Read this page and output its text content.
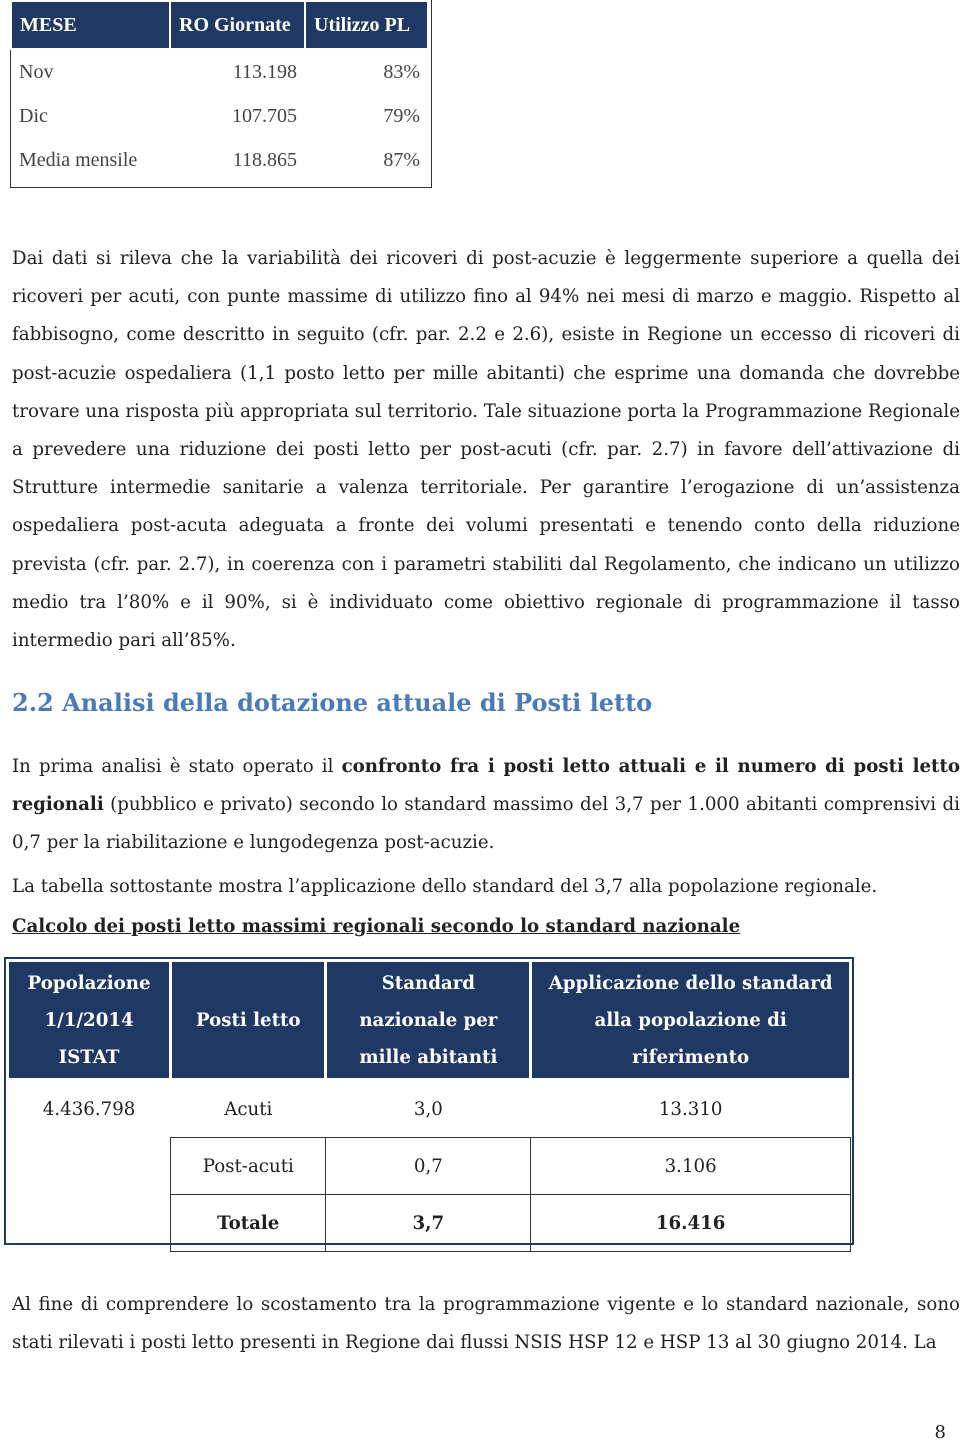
MESE	RO Giornate	Utilizzo PL
Nov	113.198	83%
Dic	107.705	79%
Media mensile	118.865	87%
Dai dati si rileva che la variabilità dei ricoveri di post-acuzie è leggermente superiore a quella dei ricoveri per acuti, con punte massime di utilizzo fino al 94% nei mesi di marzo e maggio. Rispetto al fabbisogno, come descritto in seguito (cfr. par. 2.2 e 2.6), esiste in Regione un eccesso di ricoveri di post-acuzie ospedaliera (1,1 posto letto per mille abitanti) che esprime una domanda che dovrebbe trovare una risposta più appropriata sul territorio. Tale situazione porta la Programmazione Regionale a prevedere una riduzione dei posti letto per post-acuti (cfr. par. 2.7) in favore dell’attivazione di Strutture intermedie sanitarie a valenza territoriale. Per garantire l’erogazione di un’assistenza ospedaliera post-acuta adeguata a fronte dei volumi presentati e tenendo conto della riduzione prevista (cfr. par. 2.7), in coerenza con i parametri stabiliti dal Regolamento, che indicano un utilizzo medio tra l’80% e il 90%, si è individuato come obiettivo regionale di programmazione il tasso intermedio pari all’85%.
2.2 Analisi della dotazione attuale di Posti letto
In prima analisi è stato operato il confronto fra i posti letto attuali e il numero di posti letto regionali (pubblico e privato) secondo lo standard massimo del 3,7 per 1.000 abitanti comprensivi di 0,7 per la riabilitazione e lungodegenza post-acuzie.
La tabella sottostante mostra l’applicazione dello standard del 3,7 alla popolazione regionale.
Calcolo dei posti letto massimi regionali secondo lo standard nazionale
Popolazione 1/1/2014 ISTAT	Posti letto	Standard nazionale per mille abitanti	Applicazione dello standard alla popolazione di riferimento
4.436.798	Acuti	3,0	13.310
	Post-acuti	0,7	3.106
	Totale	3,7	16.416
Al fine di comprendere lo scostamento tra la programmazione vigente e lo standard nazionale, sono stati rilevati i posti letto presenti in Regione dai flussi NSIS HSP 12 e HSP 13 al 30 giugno 2014. La
8
